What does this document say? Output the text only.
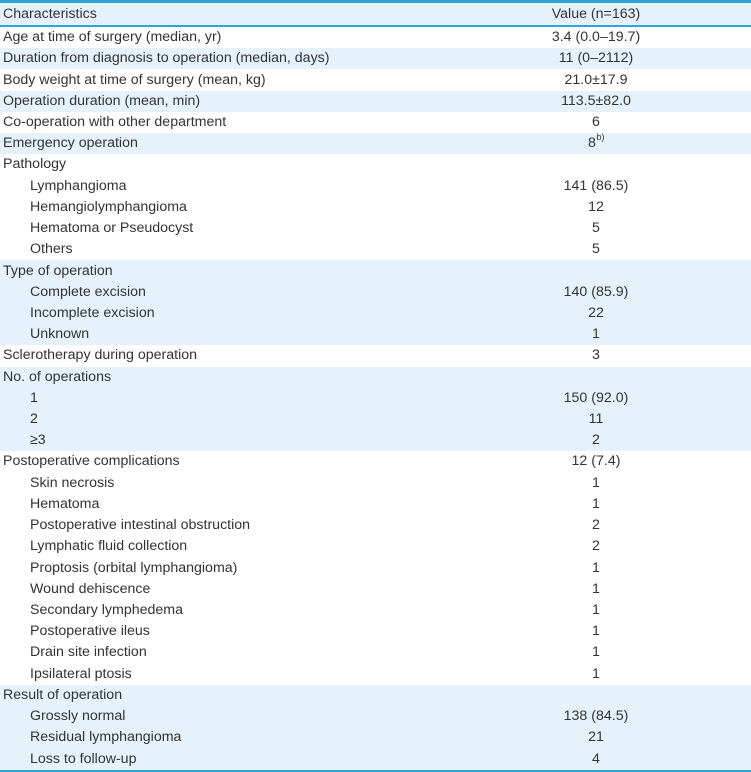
Characteristics	Value (n=163)
Age at time of surgery (median, yr)	3.4 (0.0–19.7)
Duration from diagnosis to operation (median, days)	11 (0–2112)
Body weight at time of surgery (mean, kg)	21.0±17.9
Operation duration (mean, min)	113.5±82.0
Co-operation with other department	6
Emergency operation	8$^{b)}$
Pathology
Lymphangioma	141 (86.5)
Hemangiolymphangioma	12
Hematoma or Pseudocyst	5
Others	5
Type of operation
Complete excision	140 (85.9)
Incomplete excision	22
Unknown	1
Sclerotherapy during operation	3
No. of operations
1	150 (92.0)
2	11
≥3	2
Postoperative complications	12 (7.4)
Skin necrosis	1
Hematoma	1
Postoperative intestinal obstruction	2
Lymphatic fluid collection	2
Proptosis (orbital lymphangioma)	1
Wound dehiscence	1
Secondary lymphedema	1
Postoperative ileus	1
Drain site infection	1
Ipsilateral ptosis	1
Result of operation
Grossly normal	138 (84.5)
Residual lymphangioma	21
Loss to follow-up	4
